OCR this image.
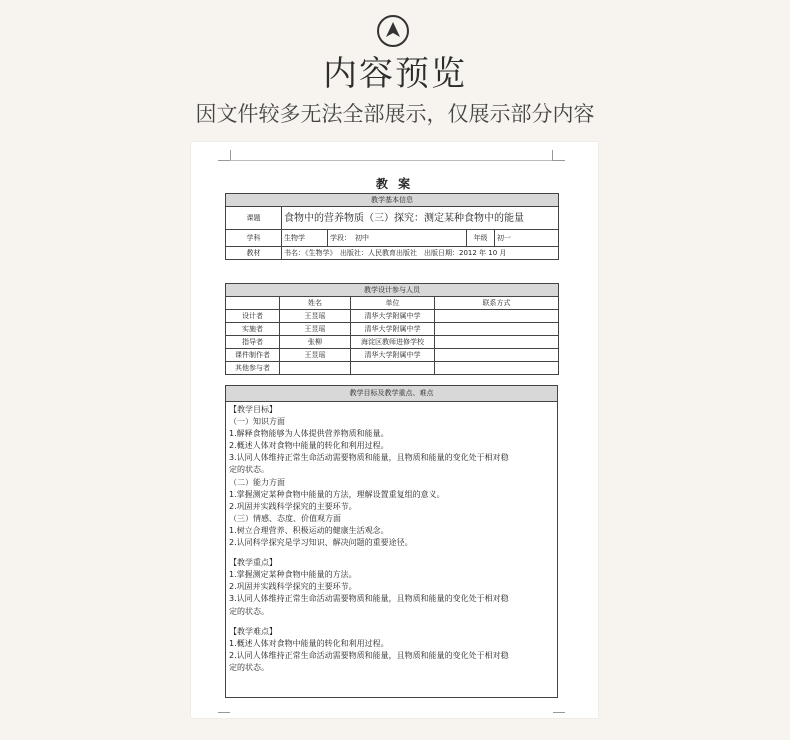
内容预览
因文件较多无法全部展示，仅展示部分内容
教 案
教学基本信息				
课题	食物中的营养物质（三）探究：测定某种食物中的能量			
学科	生物学	学段： 初中	年级	初一
教材	书名：《生物学》　出版社：人民教育出版社　出版日期：2012 年 10 月			
教学设计参与人员			
	姓名	单位	联系方式
设计者	王昱瑶	清华大学附属中学	
实施者	王昱瑶	清华大学附属中学	
指导者	张柳	海淀区教师进修学校	
课件制作者	王昱瑶	清华大学附属中学	
其他参与者			
教学目标及教学重点、难点
【教学目标】
（一）知识方面
1.解释食物能够为人体提供营养物质和能量。
2.概述人体对食物中能量的转化和利用过程。
3.认同人体维持正常生命活动需要物质和能量，且物质和能量的变化处于相对稳
定的状态。
（二）能力方面
1.掌握测定某种食物中能量的方法，理解设置重复组的意义。
2.巩固并实践科学探究的主要环节。
（三）情感、态度、价值观方面
1.树立合理营养、积极运动的健康生活观念。
2.认同科学探究是学习知识、解决问题的重要途径。
【教学重点】
1.掌握测定某种食物中能量的方法。
2.巩固并实践科学探究的主要环节。
3.认同人体维持正常生命活动需要物质和能量，且物质和能量的变化处于相对稳
定的状态。
【教学难点】
1.概述人体对食物中能量的转化和利用过程。
2.认同人体维持正常生命活动需要物质和能量，且物质和能量的变化处于相对稳
定的状态。
